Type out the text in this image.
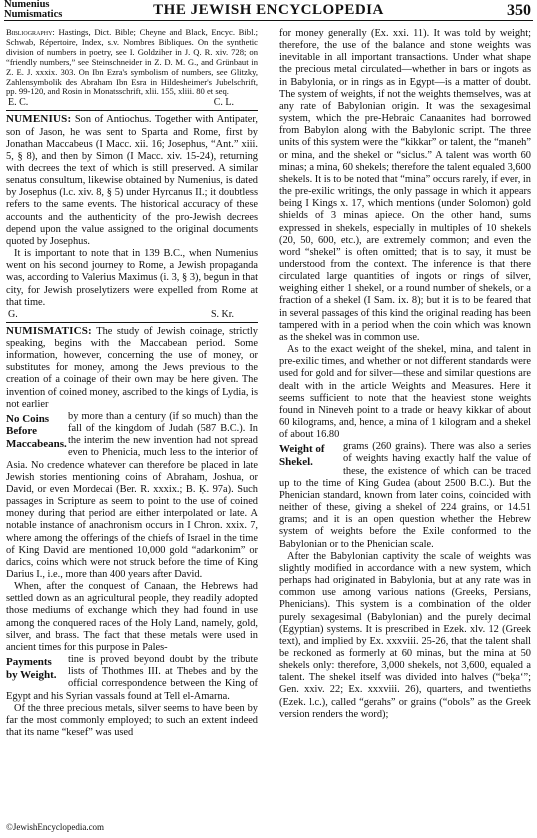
Numenius
Numismatics	THE JEWISH ENCYCLOPEDIA	350

Bibliography: Hastings, Dict. Bible; Cheyne and Black, Encyc. Bibl.; Schwab, Répertoire, Index, s.v. Nombres Bibliques. On the synthetic division of numbers in poetry, see I. Goldziher in J. Q. R. xiv. 728; on “friendly numbers,” see Steinschneider in Z. D. M. G., and Grünbaut in Z. E. J. xxxix. 303. On Ibn Ezra's symbolism of numbers, see Glitzky, Zahlensymbolik des Abraham Ibn Esra in Hildesheimer's Jubelschrift, pp. 99-120, and Rosin in Monatsschrift, xlii. 155, xliii. 80 et seq.

E. C.	C. L.

NUMENIUS: Son of Antiochus. Together with Antipater, son of Jason, he was sent to Sparta and Rome, first by Jonathan Maccabeus (I Macc. xii. 16; Josephus, “Ant.” xiii. 5, § 8), and then by Simon (I Macc. xiv. 15-24), returning with decrees the text of which is still preserved. A similar senatus consultum, likewise obtained by Numenius, is dated by Josephus (l.c. xiv. 8, § 5) under Hyrcanus II.; it doubtless refers to the same events. The historical accuracy of these accounts and the authenticity of the pro-Jewish decrees depend upon the value assigned to the original documents quoted by Josephus.

It is important to note that in 139 B.C., when Numenius went on his second journey to Rome, a Jewish propaganda was, according to Valerius Maximus (i. 3, § 3), begun in that city, for Jewish proselytizers were expelled from Rome at that time.

G.	S. Kr.

NUMISMATICS: The study of Jewish coinage, strictly speaking, begins with the Maccabean period. Some information, however, concerning the use of money, or substitutes for money, among the Jews previous to the creation of a coinage of their own may be here given. The invention of coined money, ascribed to the kings of Lydia, is not earlier

No Coins Before Maccabeans.

by more than a century (if so much) than the fall of the kingdom of Judah (587 B.C.). In the interim the new invention had not spread even to Phenicia, much less to the interior of Asia. No credence whatever can therefore be placed in late Jewish stories mentioning coins of Abraham, Joshua, or David, or even Mordecai (Ber. R. xxxix.; B. Ḳ. 97a). Such passages in Scripture as seem to point to the use of coined money during that period are either interpolated or late. A notable instance of anachronism occurs in I Chron. xxix. 7, where among the offerings of the chiefs of Israel in the time of King David are mentioned 10,000 gold “adarkonim” or darics, coins which were not struck before the time of King Darius I., i.e., more than 400 years after David.

When, after the conquest of Canaan, the Hebrews had settled down as an agricultural people, they readily adopted those mediums of exchange which they had found in use among the conquered races of the Holy Land, namely, gold, silver, and brass. The fact that these metals were used in ancient times for this purpose in Pales-

Payments by Weight.

tine is proved beyond doubt by the tribute lists of Thothmes III. at Thebes and by the official correspondence between the King of Egypt and his Syrian vassals found at Tell el-Amarna.

Of the three precious metals, silver seems to have been by far the most commonly employed; to such an extent indeed that its name “kesef” was used

for money generally (Ex. xxi. 11). It was told by weight; therefore, the use of the balance and stone weights was inevitable in all important transactions. Under what shape the precious metal circulated—whether in bars or ingots as in Babylonia, or in rings as in Egypt—is a matter of doubt. The system of weights, if not the weights themselves, was at any rate of Babylonian origin. It was the sexagesimal system, which the pre-Hebraic Canaanites had borrowed from Babylon along with the Babylonic script. The three units of this system were the “kikkar” or talent, the “maneh” or mina, and the shekel or “siclus.” A talent was worth 60 minas; a mina, 60 shekels; therefore the talent equaled 3,600 shekels. It is to be noted that “mina” occurs rarely, if ever, in the pre-exilic writings, the only passage in which it appears being I Kings x. 17, which mentions (under Solomon) gold shields of 3 minas apiece. On the other hand, sums expressed in shekels, especially in multiples of 10 shekels (20, 50, 600, etc.), are extremely common; and even the word “shekel” is often omitted; that is to say, it must be understood from the context. The inference is that there circulated large quantities of ingots or rings of silver, weighing either 1 shekel, or a round number of shekels, or a fraction of a shekel (I Sam. ix. 8); but it is to be feared that in several passages of this kind the original reading has been tampered with in a period when the coin which was known as the shekel was in common use.

As to the exact weight of the shekel, mina, and talent in pre-exilic times, and whether or not different standards were used for gold and for silver—these and similar questions are dealt with in the article Weights and Measures. Here it seems sufficient to note that the heaviest stone weights found in Nineveh point to a trade or heavy kikkar of about 60 kilograms, and, hence, a mina of 1 kilogram and a shekel of about 16.80

Weight of Shekel.

grams (260 grains). There was also a series of weights having exactly half the value of these, the existence of which can be traced up to the time of King Gudea (about 2500 B.C.). But the Phenician standard, known from later coins, coincided with neither of these, giving a shekel of 224 grains, or 14.51 grams; and it is an open question whether the Hebrew system of weights before the Exile conformed to the Babylonian or to the Phenician scale.

After the Babylonian captivity the scale of weights was slightly modified in accordance with a new system, which perhaps had originated in Babylonia, but at any rate was in common use among various nations (Greeks, Persians, Phenicians). This system is a combination of the older purely sexagesimal (Babylonian) and the purely decimal (Egyptian) systems. It is prescribed in Ezek. xlv. 12 (Greek text), and implied by Ex. xxxviii. 25-26, that the talent shall be reckoned as formerly at 60 minas, but the mina at 50 shekels only: therefore, 3,000 shekels, not 3,600, equaled a talent. The shekel itself was divided into halves (“beḳa‘”; Gen. xxiv. 22; Ex. xxxviii. 26), quarters, and twentieths (Ezek. l.c.), called “gerahs” or grains (“obols” as the Greek version renders the word);

©JewishEncyclopedia.com
